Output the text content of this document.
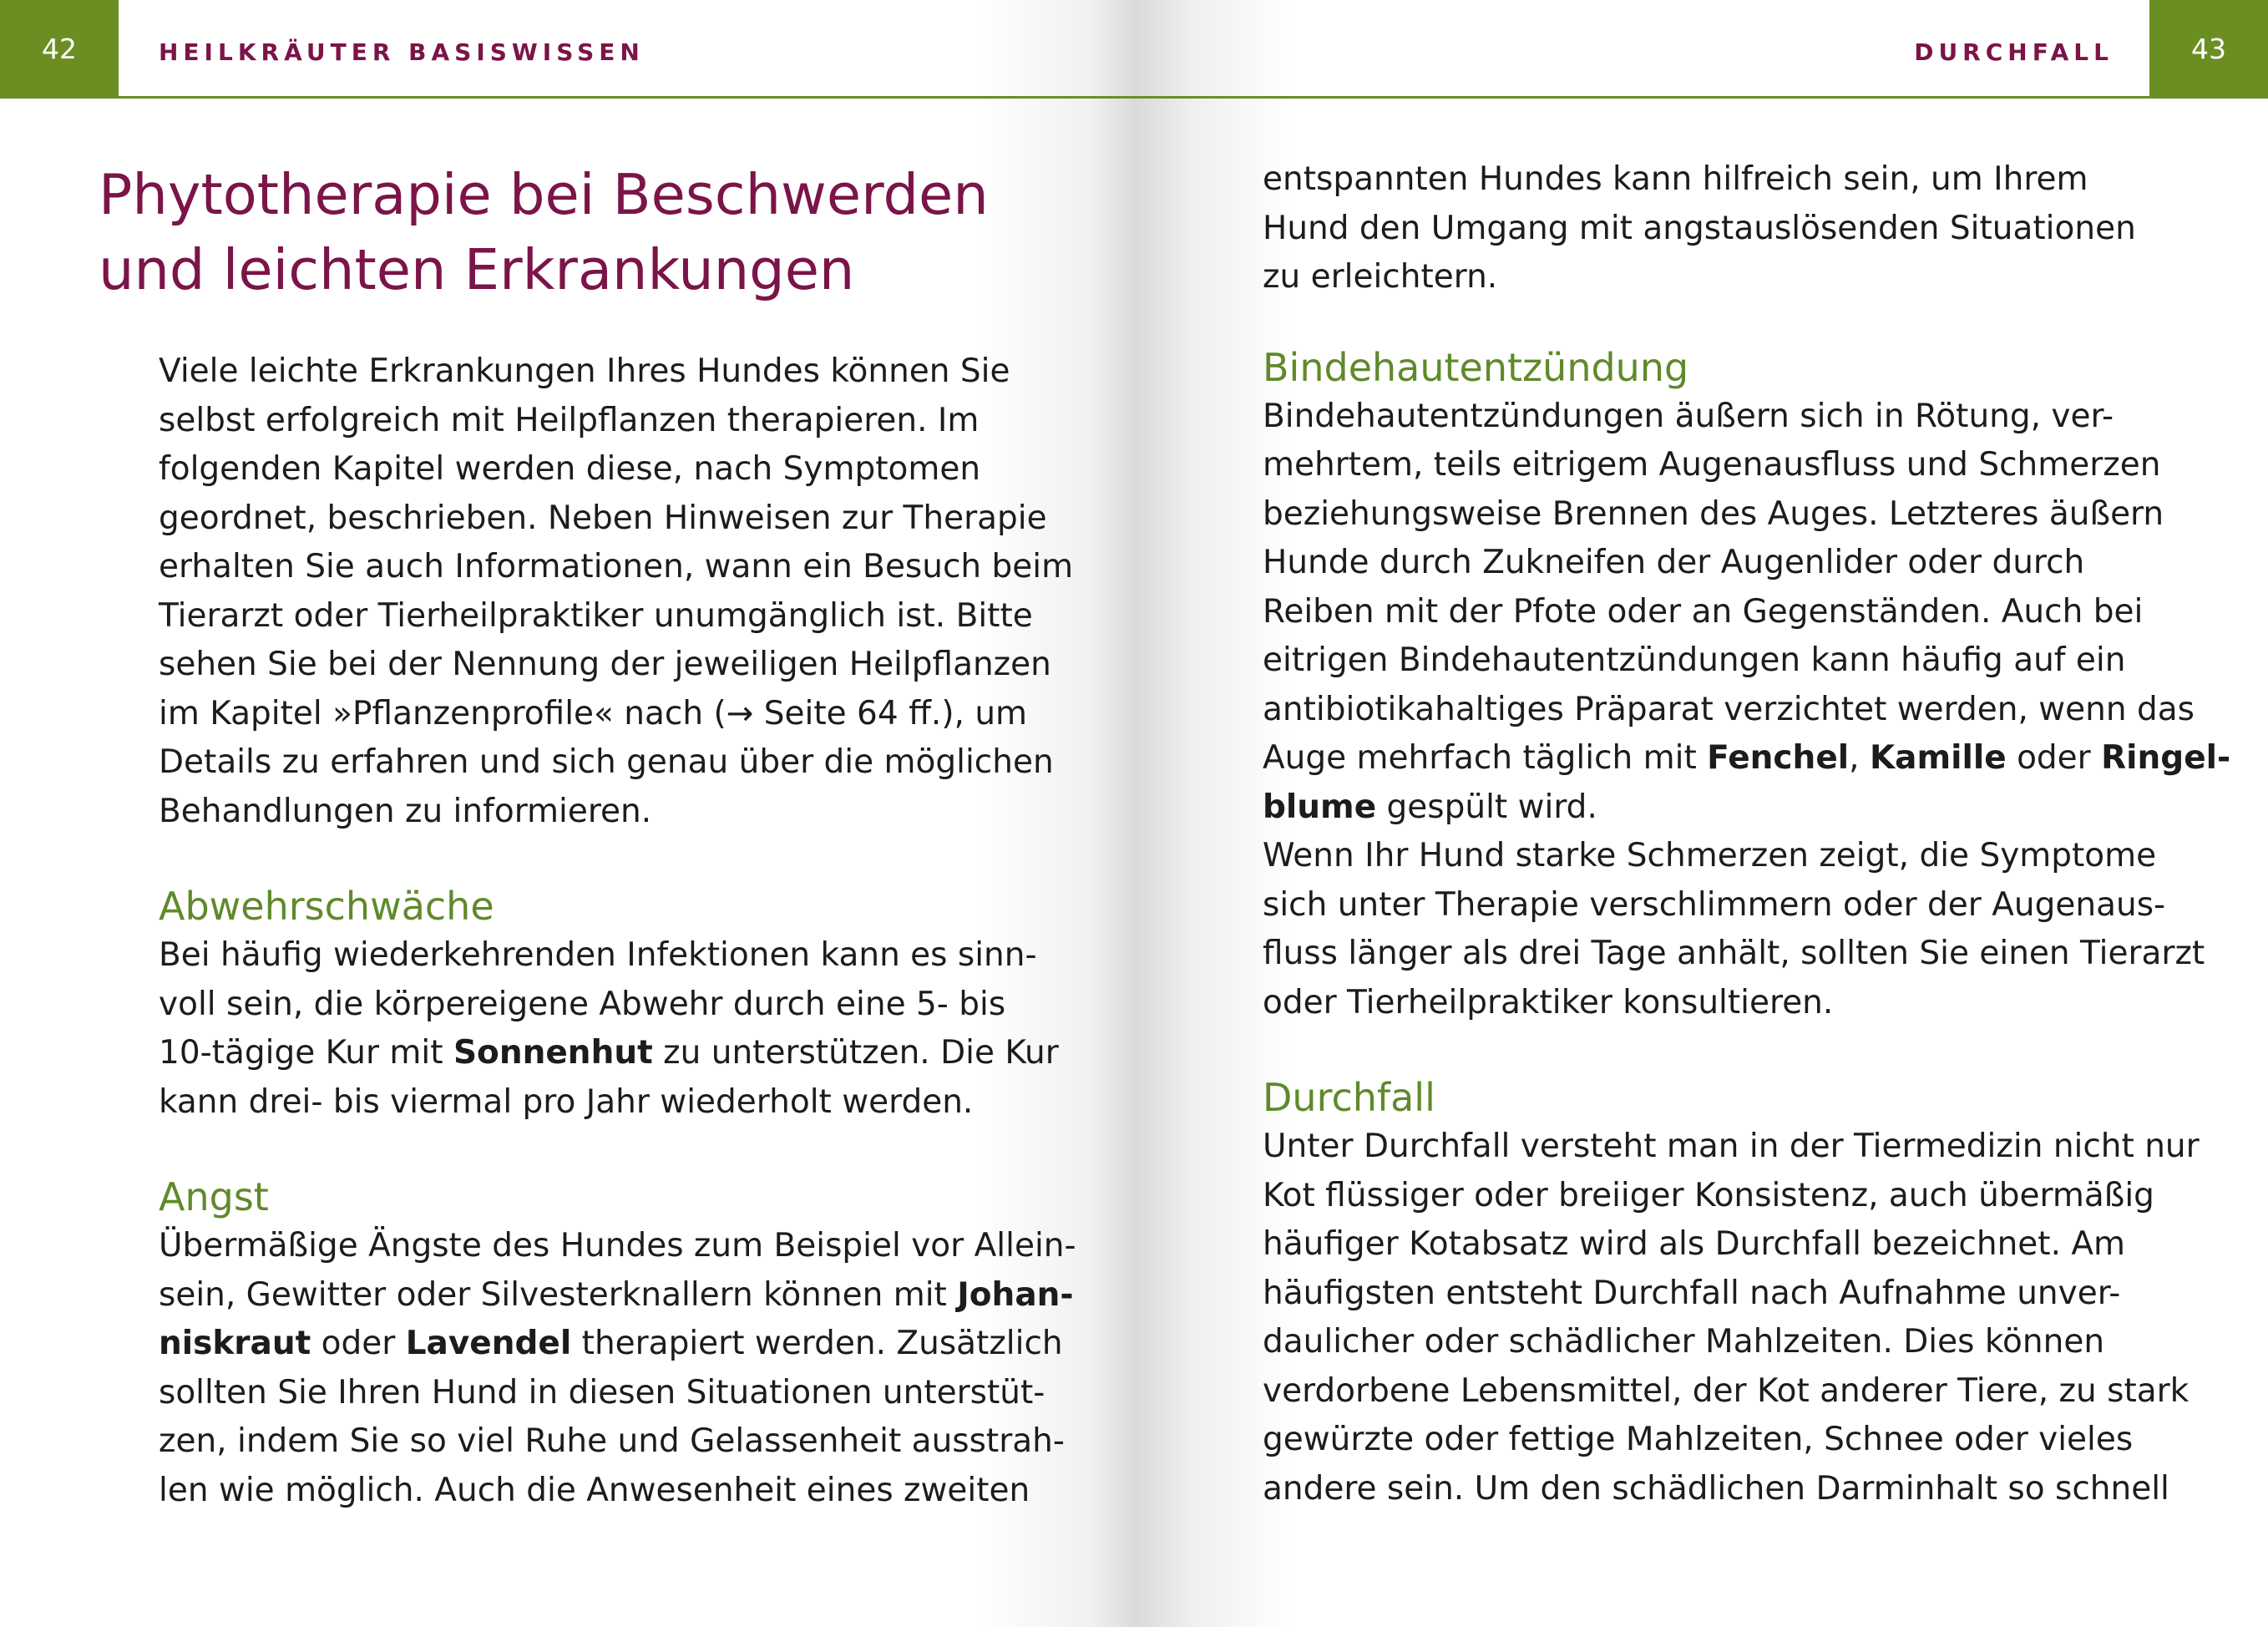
42	HEILKRÄUTER BASISWISSEN
Phytotherapie bei Beschwerden
und leichten Erkrankungen

Viele leichte Erkrankungen Ihres Hundes können Sie

selbst erfolgreich mit Heilpflanzen therapieren. Im

folgenden Kapitel werden diese, nach Symptomen

geordnet, beschrieben. Neben Hinweisen zur Therapie

erhalten Sie auch Informationen, wann ein Besuch beim

Tierarzt oder Tierheilpraktiker unumgänglich ist. Bitte

sehen Sie bei der Nennung der jeweiligen Heilpflanzen

im Kapitel »Pflanzenprofile« nach (→ Seite 64 ff.), um

Details zu erfahren und sich genau über die möglichen

Behandlungen zu informieren.

Abwehrschwäche

Bei häufig wiederkehrenden Infektionen kann es sinn-

voll sein, die körpereigene Abwehr durch eine 5- bis

10-tägige Kur mit Sonnenhut zu unterstützen. Die Kur

kann drei- bis viermal pro Jahr wiederholt werden.

Angst

Übermäßige Ängste des Hundes zum Beispiel vor Allein-

sein, Gewitter oder Silvesterknallern können mit Johan-

niskraut oder Lavendel therapiert werden. Zusätzlich

sollten Sie Ihren Hund in diesen Situationen unterstüt-

zen, indem Sie so viel Ruhe und Gelassenheit ausstrah-

len wie möglich. Auch die Anwesenheit eines zweiten

43
DURCHFALL

entspannten Hundes kann hilfreich sein, um Ihrem

Hund den Umgang mit angstauslösenden Situationen

zu erleichtern.

Bindehautentzündung

Bindehautentzündungen äußern sich in Rötung, ver-

mehrtem, teils eitrigem Augenausfluss und Schmerzen

beziehungsweise Brennen des Auges. Letzteres äußern

Hunde durch Zukneifen der Augenlider oder durch

Reiben mit der Pfote oder an Gegenständen. Auch bei

eitrigen Bindehautentzündungen kann häufig auf ein

antibiotikahaltiges Präparat verzichtet werden, wenn das

Auge mehrfach täglich mit Fenchel, Kamille oder Ringel-

blume gespült wird.

Wenn Ihr Hund starke Schmerzen zeigt, die Symptome

sich unter Therapie verschlimmern oder der Augenaus-

fluss länger als drei Tage anhält, sollten Sie einen Tierarzt

oder Tierheilpraktiker konsultieren.

Durchfall

Unter Durchfall versteht man in der Tiermedizin nicht nur

Kot flüssiger oder breiiger Konsistenz, auch übermäßig

häufiger Kotabsatz wird als Durchfall bezeichnet. Am

häufigsten entsteht Durchfall nach Aufnahme unver-

daulicher oder schädlicher Mahlzeiten. Dies können

verdorbene Lebensmittel, der Kot anderer Tiere, zu stark

gewürzte oder fettige Mahlzeiten, Schnee oder vieles

andere sein. Um den schädlichen Darminhalt so schnell
